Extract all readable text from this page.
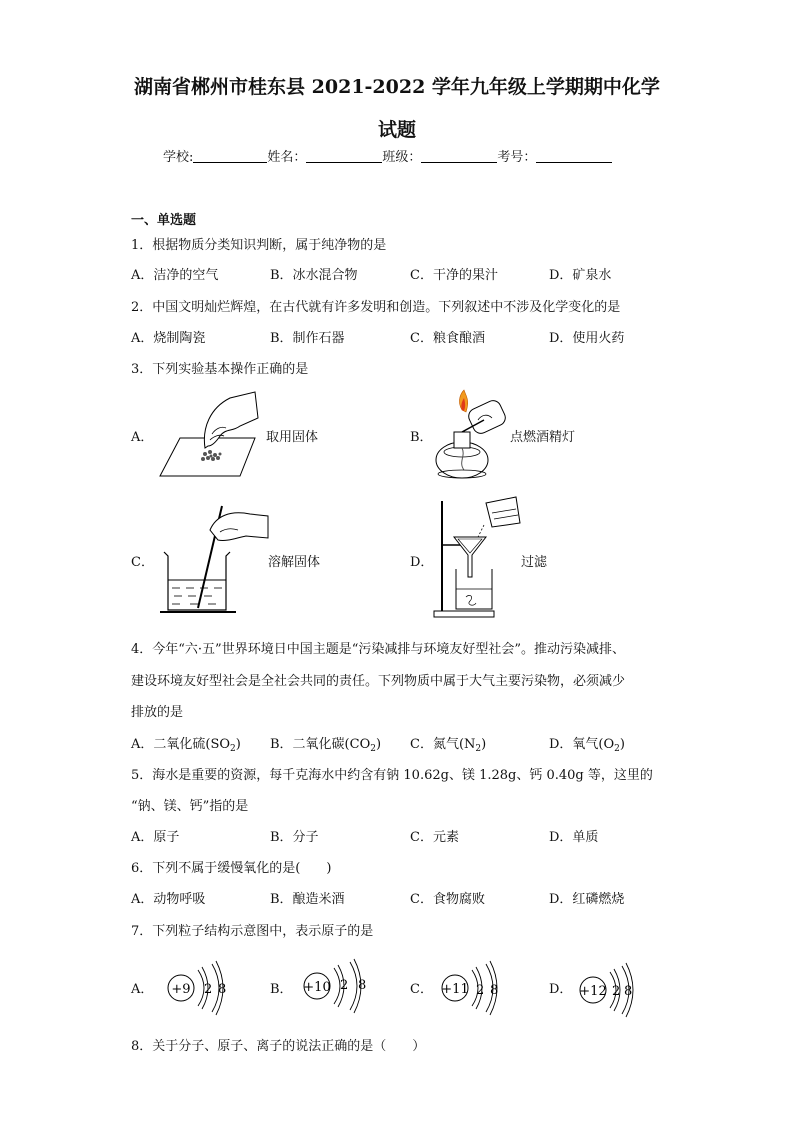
湖南省郴州市桂东县 2021-2022 学年九年级上学期期中化学
试题
学校:	姓名：	班级：	考号：
一、单选题
1．根据物质分类知识判断，属于纯净物的是
A．洁净的空气	B．冰水混合物	C．干净的果汁	D．矿泉水
2．中国文明灿烂辉煌，在古代就有许多发明和创造。下列叙述中不涉及化学变化的是
A．烧制陶瓷	B．制作石器	C．粮食酿酒	D．使用火药
3．下列实验基本操作正确的是
A．	取用固体	B．	点燃酒精灯
C．	溶解固体	D．	过滤
4．今年“六·五”世界环境日中国主题是“污染减排与环境友好型社会”。推动污染减排、
建设环境友好型社会是全社会共同的责任。下列物质中属于大气主要污染物，必须减少
排放的是
A．二氧化硫$(SO_2)$ B．二氧化碳$(CO_2)$ C．氮气$(N_2)$	D．氧气$(O_2)$
5．海水是重要的资源，每千克海水中约含有钠 10.62g、镁 1.28g、钙 0.40g 等，这里的
“钠、镁、钙”指的是
A．原子	B．分子	C．元素	D．单质
6．下列不属于缓慢氧化的是(　　)
A．动物呼吸	B．酿造米酒	C．食物腐败	D．红磷燃烧
7．下列粒子结构示意图中，表示原子的是
A．	B．	C．	D．
+9 2 8	+10 2 8	+11 2 8	+12 2 8
8．关于分子、原子、离子的说法正确的是（　　）
